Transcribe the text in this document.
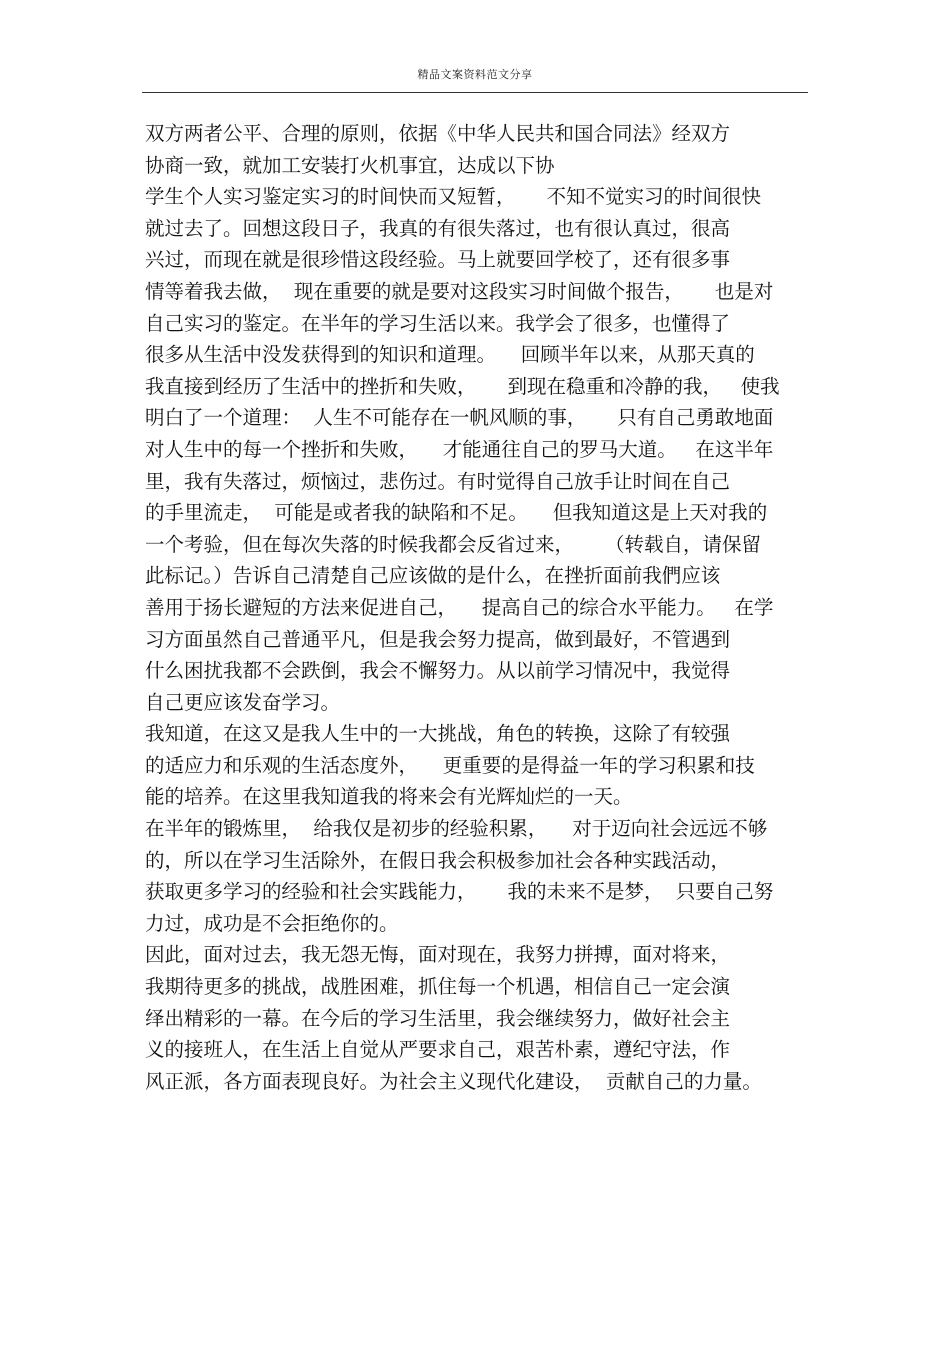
精品文案资料范文分享
双方两者公平、合理的原则，依据《中华人民共和国合同法》经双方
协商一致，就加工安装打火机事宜，达成以下协
学生个人实习鉴定实习的时间快而又短暂，     不知不觉实习的时间很快
就过去了。回想这段日子，我真的有很失落过，也有很认真过，很高
兴过，而现在就是很珍惜这段经验。马上就要回学校了，还有很多事
情等着我去做，  现在重要的就是要对这段实习时间做个报告，     也是对
自己实习的鉴定。在半年的学习生活以来。我学会了很多，也懂得了
很多从生活中没发获得到的知识和道理。    回顾半年以来，从那天真的
我直接到经历了生活中的挫折和失败，     到现在稳重和冷静的我，   使我
明白了一个道理：  人生不可能存在一帆风顺的事，     只有自己勇敢地面
对人生中的每一个挫折和失败，    才能通往自己的罗马大道。   在这半年
里，我有失落过，烦恼过，悲伤过。有时觉得自己放手让时间在自己
的手里流走，  可能是或者我的缺陷和不足。    但我知道这是上天对我的
一个考验，但在每次失落的时候我都会反省过来，     （转载自，请保留
此标记。）告诉自己清楚自己应该做的是什么，在挫折面前我們应该
善用于扬长避短的方法来促进自己，    提高自己的综合水平能力。   在学
习方面虽然自己普通平凡，但是我会努力提高，做到最好，不管遇到
什么困扰我都不会跌倒，我会不懈努力。从以前学习情况中，我觉得
自己更应该发奋学习。
我知道，在这又是我人生中的一大挑战，角色的转换，这除了有较强
的适应力和乐观的生活态度外，    更重要的是得益一年的学习积累和技
能的培养。在这里我知道我的将来会有光辉灿烂的一天。
在半年的锻炼里，  给我仅是初步的经验积累，    对于迈向社会远远不够
的，所以在学习生活除外，在假日我会积极参加社会各种实践活动，
获取更多学习的经验和社会实践能力，     我的未来不是梦，  只要自己努
力过，成功是不会拒绝你的。
因此，面对过去，我无怨无悔，面对现在，我努力拼搏，面对将来，
我期待更多的挑战，战胜困难，抓住每一个机遇，相信自己一定会演
绎出精彩的一幕。在今后的学习生活里，我会继续努力，做好社会主
义的接班人，在生活上自觉从严要求自己，艰苦朴素，遵纪守法，作
风正派，各方面表现良好。为社会主义现代化建设，  贡献自己的力量。
